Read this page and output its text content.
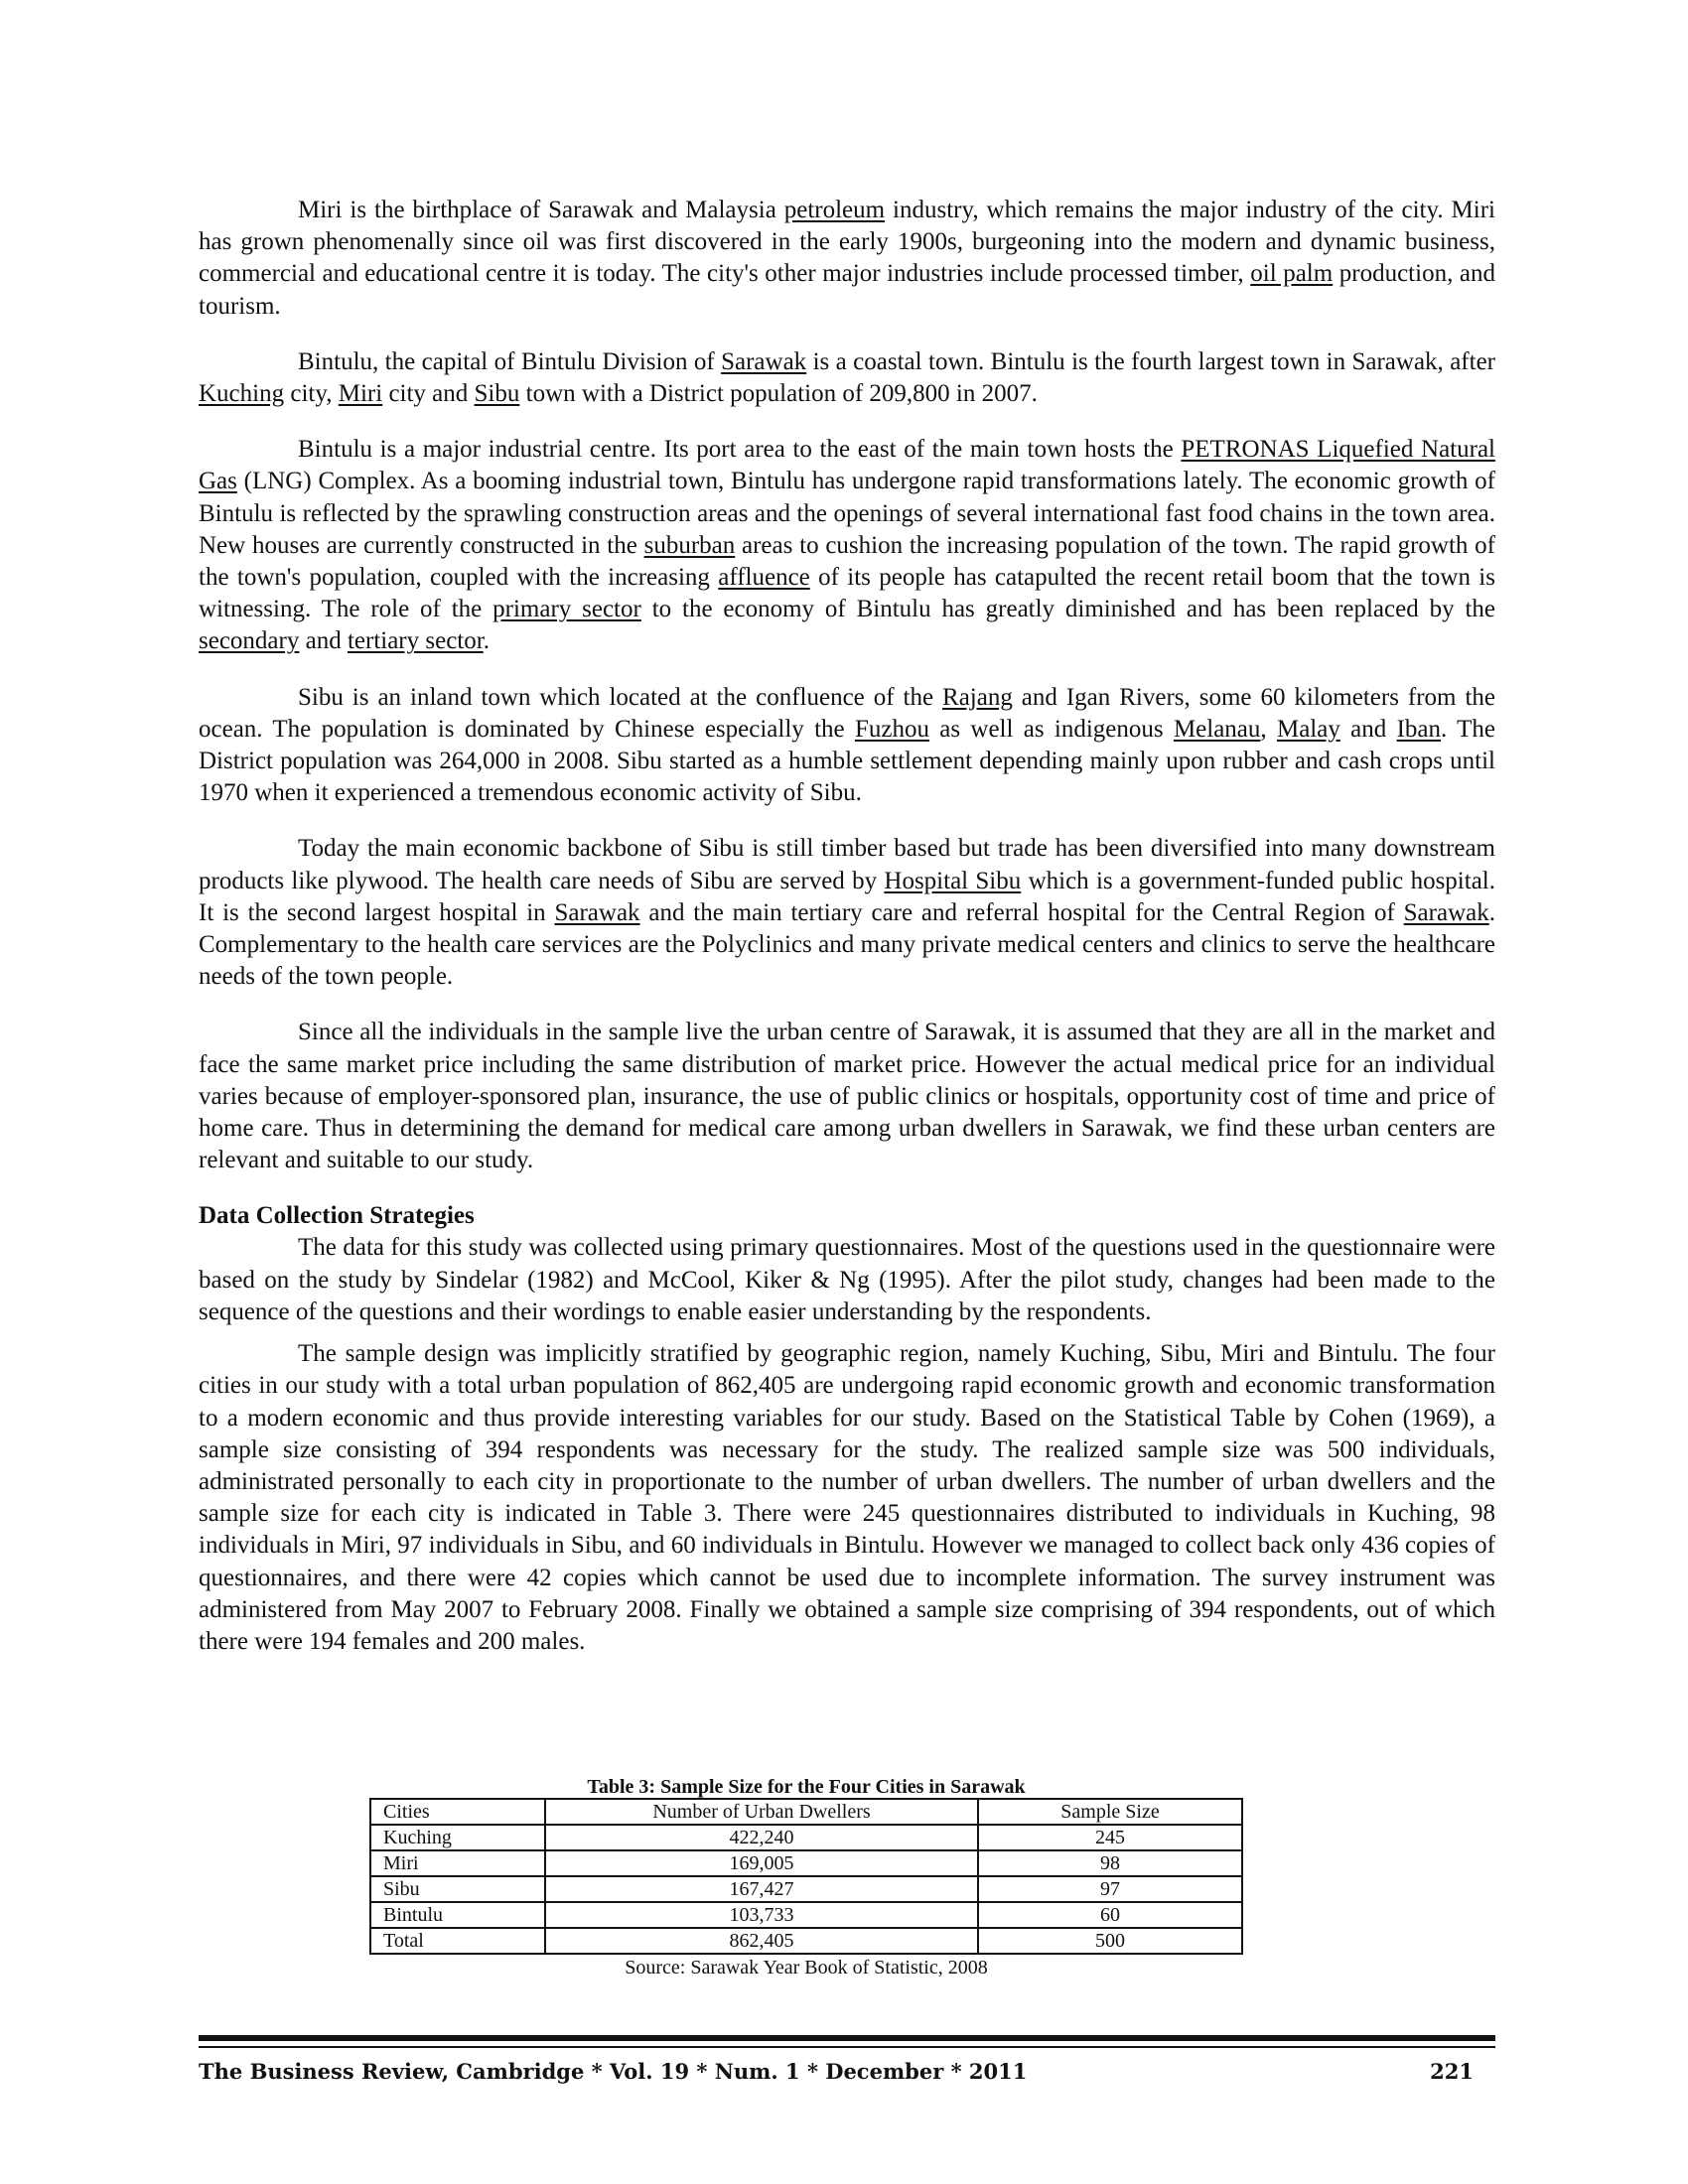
Miri is the birthplace of Sarawak and Malaysia petroleum industry, which remains the major industry of the city. Miri has grown phenomenally since oil was first discovered in the early 1900s, burgeoning into the modern and dynamic business, commercial and educational centre it is today. The city's other major industries include processed timber, oil palm production, and tourism.

Bintulu, the capital of Bintulu Division of Sarawak is a coastal town. Bintulu is the fourth largest town in Sarawak, after Kuching city, Miri city and Sibu town with a District population of 209,800 in 2007.

Bintulu is a major industrial centre. Its port area to the east of the main town hosts the PETRONAS Liquefied Natural Gas (LNG) Complex. As a booming industrial town, Bintulu has undergone rapid transformations lately. The economic growth of Bintulu is reflected by the sprawling construction areas and the openings of several international fast food chains in the town area. New houses are currently constructed in the suburban areas to cushion the increasing population of the town. The rapid growth of the town's population, coupled with the increasing affluence of its people has catapulted the recent retail boom that the town is witnessing. The role of the primary sector to the economy of Bintulu has greatly diminished and has been replaced by the secondary and tertiary sector.

Sibu is an inland town which located at the confluence of the Rajang and Igan Rivers, some 60 kilometers from the ocean. The population is dominated by Chinese especially the Fuzhou as well as indigenous Melanau, Malay and Iban. The District population was 264,000 in 2008. Sibu started as a humble settlement depending mainly upon rubber and cash crops until 1970 when it experienced a tremendous economic activity of Sibu.

Today the main economic backbone of Sibu is still timber based but trade has been diversified into many downstream products like plywood. The health care needs of Sibu are served by Hospital Sibu which is a government-funded public hospital. It is the second largest hospital in Sarawak and the main tertiary care and referral hospital for the Central Region of Sarawak. Complementary to the health care services are the Polyclinics and many private medical centers and clinics to serve the healthcare needs of the town people.

Since all the individuals in the sample live the urban centre of Sarawak, it is assumed that they are all in the market and face the same market price including the same distribution of market price. However the actual medical price for an individual varies because of employer-sponsored plan, insurance, the use of public clinics or hospitals, opportunity cost of time and price of home care. Thus in determining the demand for medical care among urban dwellers in Sarawak, we find these urban centers are relevant and suitable to our study.

Data Collection Strategies

The data for this study was collected using primary questionnaires. Most of the questions used in the questionnaire were based on the study by Sindelar (1982) and McCool, Kiker & Ng (1995). After the pilot study, changes had been made to the sequence of the questions and their wordings to enable easier understanding by the respondents.

The sample design was implicitly stratified by geographic region, namely Kuching, Sibu, Miri and Bintulu. The four cities in our study with a total urban population of 862,405 are undergoing rapid economic growth and economic transformation to a modern economic and thus provide interesting variables for our study. Based on the Statistical Table by Cohen (1969), a sample size consisting of 394 respondents was necessary for the study. The realized sample size was 500 individuals, administrated personally to each city in proportionate to the number of urban dwellers. The number of urban dwellers and the sample size for each city is indicated in Table 3. There were 245 questionnaires distributed to individuals in Kuching, 98 individuals in Miri, 97 individuals in Sibu, and 60 individuals in Bintulu. However we managed to collect back only 436 copies of questionnaires, and there were 42 copies which cannot be used due to incomplete information. The survey instrument was administered from May 2007 to February 2008. Finally we obtained a sample size comprising of 394 respondents, out of which there were 194 females and 200 males.

Table 3: Sample Size for the Four Cities in Sarawak
Cities	Number of Urban Dwellers	Sample Size
Kuching	422,240	245
Miri	169,005	98
Sibu	167,427	97
Bintulu	103,733	60
Total	862,405	500
Source: Sarawak Year Book of Statistic, 2008
The Business Review, Cambridge * Vol. 19 * Num. 1 * December * 2011	221
